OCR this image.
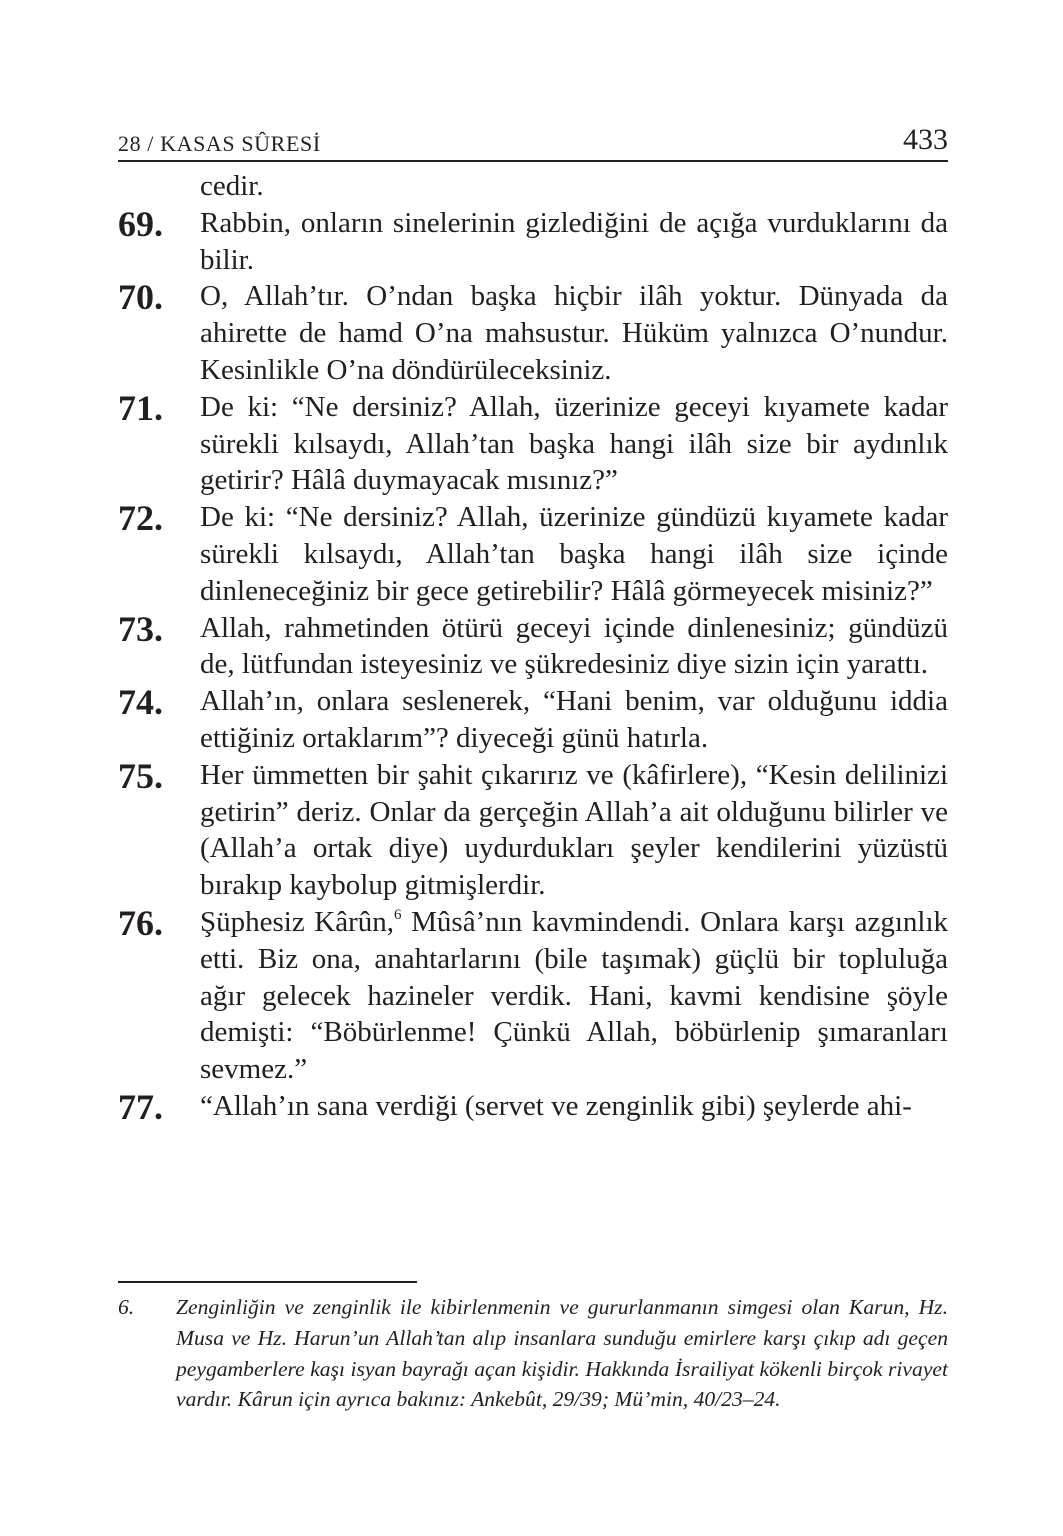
28 / KASAS SÛRESİ	433
cedir.
69. Rabbin, onların sinelerinin gizlediğini de açığa vurduklarını da bilir.
70. O, Allah’tır. O’ndan başka hiçbir ilâh yoktur. Dünyada da ahirette de hamd O’na mahsustur. Hüküm yalnızca O’nundur. Kesinlikle O’na döndürüleceksiniz.
71. De ki: “Ne dersiniz? Allah, üzerinize geceyi kıyamete kadar sürekli kılsaydı, Allah’tan başka hangi ilâh size bir aydınlık getirir? Hâlâ duymayacak mısınız?”
72. De ki: “Ne dersiniz? Allah, üzerinize gündüzü kıyamete kadar sürekli kılsaydı, Allah’tan başka hangi ilâh size içinde dinleneceğiniz bir gece getirebilir? Hâlâ görmeyecek misiniz?”
73. Allah, rahmetinden ötürü geceyi içinde dinlenesiniz; gündüzü de, lütfundan isteyesiniz ve şükredesiniz diye sizin için yarattı.
74. Allah’ın, onlara seslenerek, “Hani benim, var olduğunu iddia ettiğiniz ortaklarım”? diyeceği günü hatırla.
75. Her ümmetten bir şahit çıkarırız ve (kâfirlere), “Kesin delilinizi getirin” deriz. Onlar da gerçeğin Allah’a ait olduğunu bilirler ve (Allah’a ortak diye) uydurdukları şeyler kendilerini yüzüstü bırakıp kaybolup gitmişlerdir.
76. Şüphesiz Kârûn,$^6$ Mûsâ’nın kavmindendi. Onlara karşı azgınlık etti. Biz ona, anahtarlarını (bile taşımak) güçlü bir topluluğa ağır gelecek hazineler verdik. Hani, kavmi kendisine şöyle demişti: “Böbürlenme! Çünkü Allah, böbürlenip şımaranları sevmez.”
77. “Allah’ın sana verdiği (servet ve zenginlik gibi) şeylerde ahi-
6. Zenginliğin ve zenginlik ile kibirlenmenin ve gururlanmanın simgesi olan Karun, Hz. Musa ve Hz. Harun’un Allah’tan alıp insanlara sunduğu emirlere karşı çıkıp adı geçen peygamberlere kaşı isyan bayrağı açan kişidir. Hakkında İsrailiyat kökenli birçok rivayet vardır. Kârun için ayrıca bakınız: Ankebût, 29/39; Mü’min, 40/23–24.
